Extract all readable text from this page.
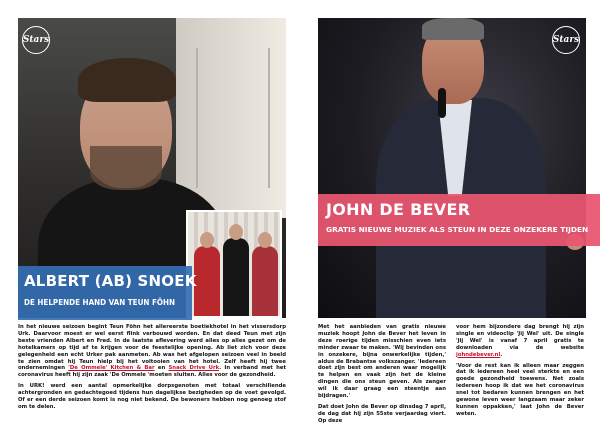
Stars
ALBERT (AB) SNOEK
DE HELPENDE HAND VAN TEUN FÖHN

In het nieuwe seizoen begint Teun Föhn het allereerste boetiekhotel in het vissersdorp Urk. Daarvoor moest er wel eerst flink verbouwd worden. En dat deed Teun met zijn beste vrienden Albert en Fred. In de laatste aflevering werd alles op alles gezet om de hotelkamers op tijd af te krijgen voor de feestelijke opening. Ab liet zich voor deze gelegenheid een echt Urker pak aanmeten. Ab was het afgelopen seizoen veel in beeld te zien omdat hij Teun hielp bij het voltooien van het hotel. Zelf heeft hij twee ondernemingen 'De Ommele' Kitchen & Bar en Snack Drive Urk. In verband met het coronavirus heeft hij zijn zaak 'De Ommele 'moeten sluiten. Alles voor de gezondheid.

In URK! werd een aantal opmerkelijke dorpsgenoten met totaal verschillende achtergronden en gedachtegoed tijdens hun dagelijkse bezigheden op de voet gevolgd. Of er een derde seizoen komt is nog niet bekend. De bewoners hebben nog genoeg stof om te delen.

Stars
JOHN DE BEVER
GRATIS NIEUWE MUZIEK ALS STEUN IN DEZE ONZEKERE TIJDEN

Met het aanbieden van gratis nieuwe muziek hoopt John de Bever het leven in deze roerige tijden misschien even iets minder zwaar te maken. 'Wij bevinden ons in onzekere, bijna onwerkelijke tijden,' aldus de Brabantse volkszanger. 'Iedereen doet zijn best om anderen waar mogelijk te helpen en vaak zijn het de kleine dingen die ons steun geven. Als zanger wil ik daar graag een steentje aan bijdragen.'

Dat doet John de Bever op dinsdag 7 april, de dag dat hij zijn 55ste verjaardag viert. Op deze

voor hem bijzondere dag brengt hij zijn single en videoclip 'Jij Wel' uit. De single 'Jij Wel' is vanaf 7 april gratis te downloaden via de website johndebever.nl.

'Voor de rest kan ik alleen maar zeggen dat ik iedereen heel veel sterkte en een goede gezondheid toewens. Net zoals iedereen hoop ik dat we het coronavirus snel tot bedaren kunnen brengen en het gewone leven weer langzaam maar zeker kunnen oppakken,' laat John de Bever weten.
